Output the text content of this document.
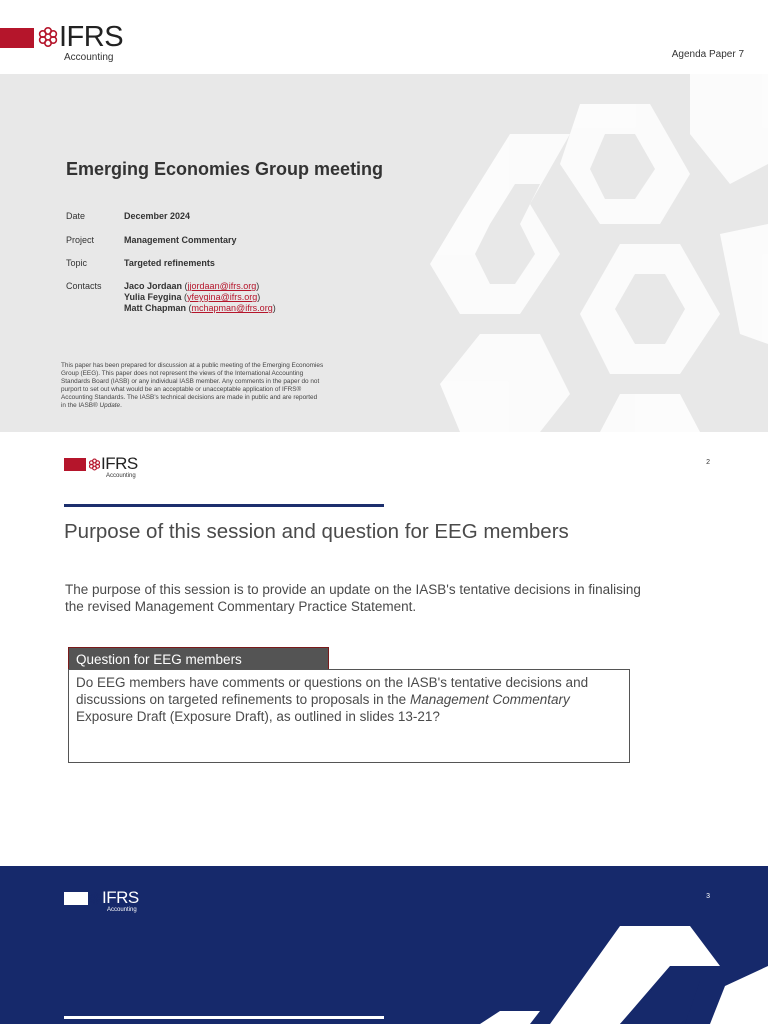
IFRS
Accounting	Agenda Paper 7
Emerging Economies Group meeting
Date	December 2024
Project	Management Commentary
Topic	Targeted refinements
Contacts	Jaco Jordaan (jjordaan@ifrs.org)
Yulia Feygina (yfeygina@ifrs.org)
Matt Chapman (mchapman@ifrs.org)
This paper has been prepared for discussion at a public meeting of the Emerging Economies
Group (EEG). This paper does not represent the views of the International Accounting
Standards Board (IASB) or any individual IASB member. Any comments in the paper do not
purport to set out what would be an acceptable or unacceptable application of IFRS®
Accounting Standards. The IASB's technical decisions are made in public and are reported
in the IASB® Update.
IFRS
Accounting
2
Purpose of this session and question for EEG members

The purpose of this session is to provide an update on the IASB's tentative decisions in finalising the revised Management Commentary Practice Statement.

Question for EEG members
Do EEG members have comments or questions on the IASB's tentative decisions and discussions on targeted refinements to proposals in the Management Commentary Exposure Draft (Exposure Draft), as outlined in slides 13-21?
IFRS
Accounting
3
